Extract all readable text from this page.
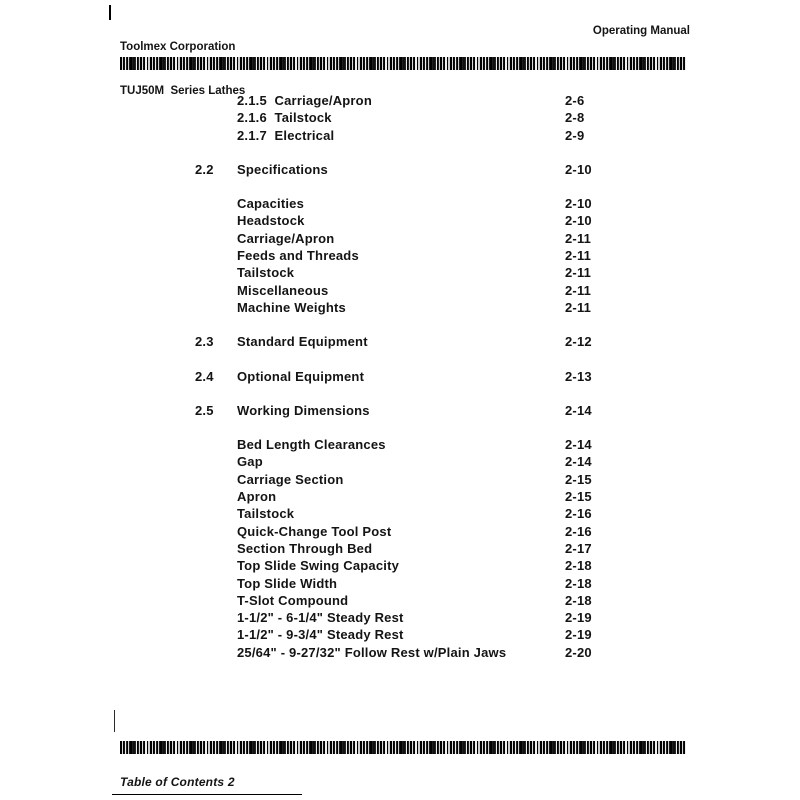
Toolmex Corporation

TUJ50M  Series Lathes

Operating Manual
2.1.5  Carriage/Apron	2-6
2.1.6  Tailstock	2-8
2.1.7  Electrical	2-9
2.2	Specifications	2-10
Capacities	2-10
Headstock	2-10
Carriage/Apron	2-11
Feeds and Threads	2-11
Tailstock	2-11
Miscellaneous	2-11
Machine Weights	2-11
2.3	Standard Equipment	2-12
2.4	Optional Equipment	2-13
2.5	Working Dimensions	2-14
Bed Length Clearances	2-14
Gap	2-14
Carriage Section	2-15
Apron	2-15
Tailstock	2-16
Quick-Change Tool Post	2-16
Section Through Bed	2-17
Top Slide Swing Capacity	2-18
Top Slide Width	2-18
T-Slot Compound	2-18
1-1/2" - 6-1/4" Steady Rest	2-19
1-1/2" - 9-3/4" Steady Rest	2-19
25/64" - 9-27/32" Follow Rest w/Plain Jaws	2-20
Table of Contents 2
